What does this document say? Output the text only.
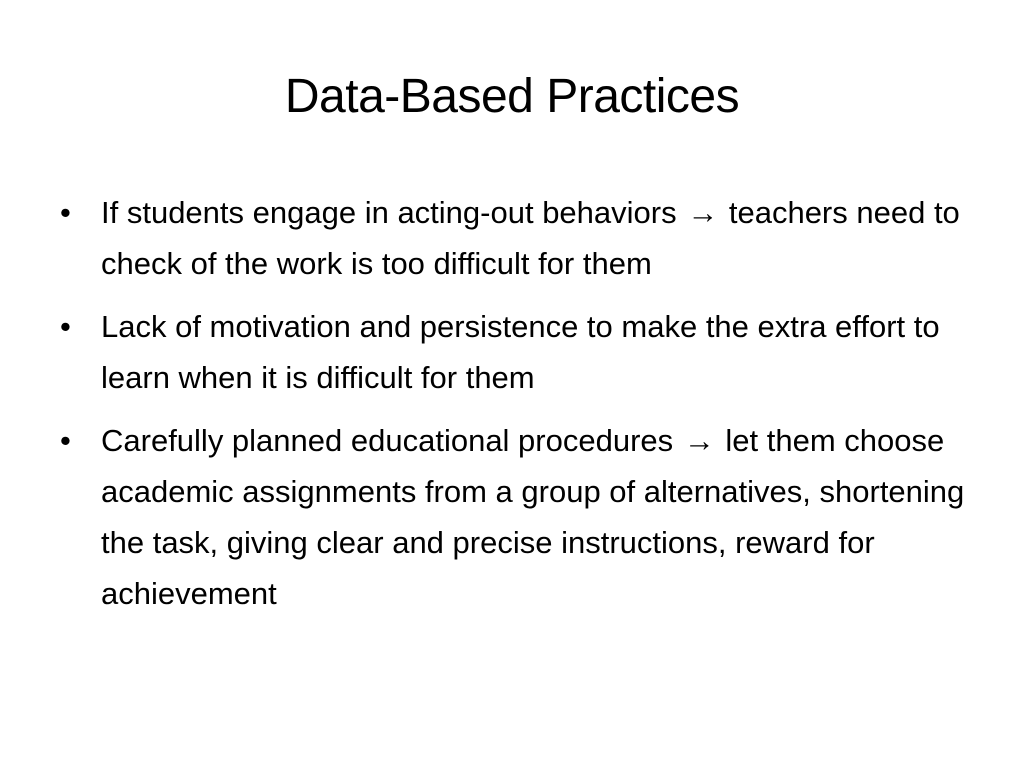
Data-Based Practices
• If students engage in acting-out behaviors → teachers need to check of the work is too difficult for them
• Lack of motivation and persistence to make the extra effort to learn when it is difficult for them
• Carefully planned educational procedures → let them choose academic assignments from a group of alternatives, shortening the task, giving clear and precise instructions, reward for achievement
